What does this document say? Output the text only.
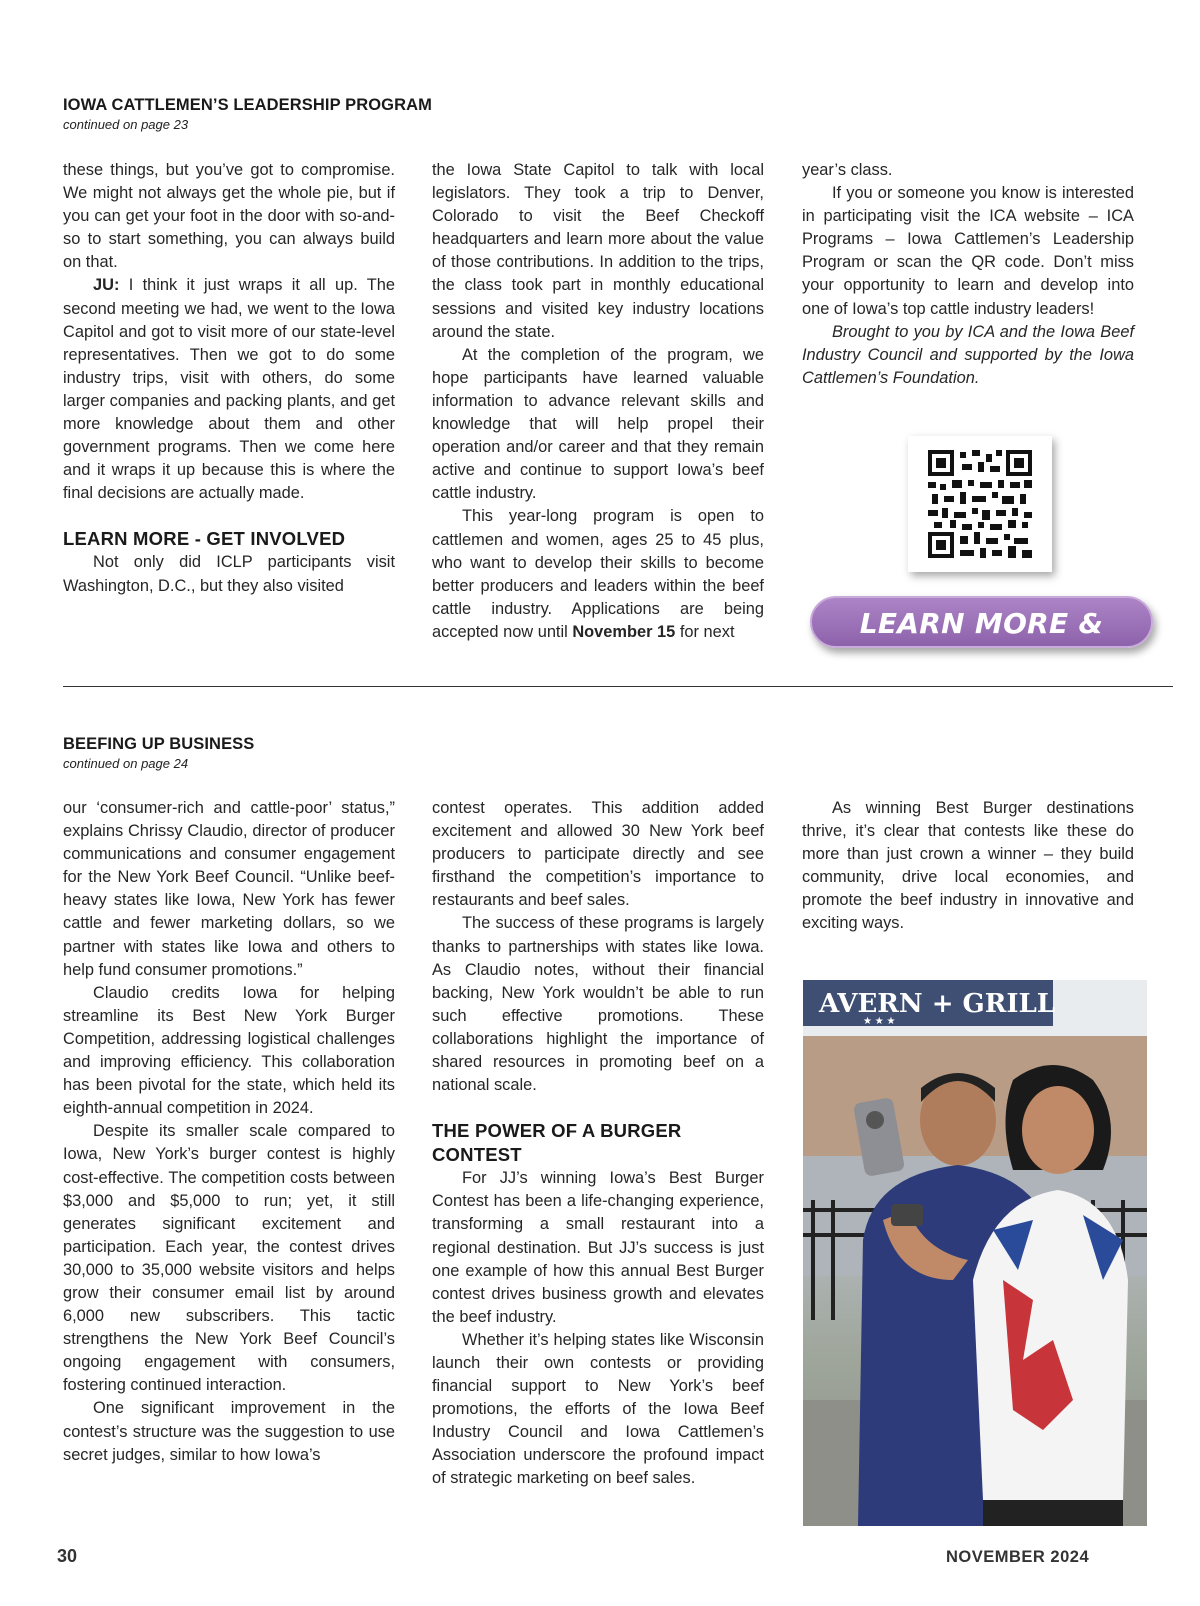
IOWA CATTLEMEN’S LEADERSHIP PROGRAM
continued on page 23

these things, but you’ve got to compromise. We might not always get the whole pie, but if you can get your foot in the door with so-and-so to start something, you can always build on that.

JU: I think it just wraps it all up. The second meeting we had, we went to the Iowa Capitol and got to visit more of our state-level representatives. Then we got to do some industry trips, visit with others, do some larger companies and packing plants, and get more knowledge about them and other government programs. Then we come here and it wraps it up because this is where the final decisions are actually made.

LEARN MORE - GET INVOLVED

Not only did ICLP participants visit Washington, D.C., but they also visited

the Iowa State Capitol to talk with local legislators. They took a trip to Denver, Colorado to visit the Beef Checkoff headquarters and learn more about the value of those contributions. In addition to the trips, the class took part in monthly educational sessions and visited key industry locations around the state.

At the completion of the program, we hope participants have learned valuable information to advance relevant skills and knowledge that will help propel their operation and/or career and that they remain active and continue to support Iowa’s beef cattle industry.

This year-long program is open to cattlemen and women, ages 25 to 45 plus, who want to develop their skills to become better producers and leaders within the beef cattle industry. Applications are being accepted now until November 15 for next

year’s class.

If you or someone you know is interested in participating visit the ICA website – ICA Programs – Iowa Cattlemen’s Leadership Program or scan the QR code. Don’t miss your opportunity to learn and develop into one of Iowa’s top cattle industry leaders!

Brought to you by ICA and the Iowa Beef Industry Council and supported by the Iowa Cattlemen’s Foundation.

LEARN MORE & APPLY
BEEFING UP BUSINESS
continued on page 24

our ‘consumer-rich and cattle-poor’ status,” explains Chrissy Claudio, director of producer communications and consumer engagement for the New York Beef Council. “Unlike beef-heavy states like Iowa, New York has fewer cattle and fewer marketing dollars, so we partner with states like Iowa and others to help fund consumer promotions.”

Claudio credits Iowa for helping streamline its Best New York Burger Competition, addressing logistical challenges and improving efficiency. This collaboration has been pivotal for the state, which held its eighth-annual competition in 2024.

Despite its smaller scale compared to Iowa, New York’s burger contest is highly cost-effective. The competition costs between $3,000 and $5,000 to run; yet, it still generates significant excitement and participation. Each year, the contest drives 30,000 to 35,000 website visitors and helps grow their consumer email list by around 6,000 new subscribers. This tactic strengthens the New York Beef Council’s ongoing engagement with consumers, fostering continued interaction.

One significant improvement in the contest’s structure was the suggestion to use secret judges, similar to how Iowa’s

contest operates. This addition added excitement and allowed 30 New York beef producers to participate directly and see firsthand the competition’s importance to restaurants and beef sales.

The success of these programs is largely thanks to partnerships with states like Iowa. As Claudio notes, without their financial backing, New York wouldn’t be able to run such effective promotions. These collaborations highlight the importance of shared resources in promoting beef on a national scale.

THE POWER OF A BURGER CONTEST

For JJ’s winning Iowa’s Best Burger Contest has been a life-changing experience, transforming a small restaurant into a regional destination. But JJ’s success is just one example of how this annual Best Burger contest drives business growth and elevates the beef industry.

Whether it’s helping states like Wisconsin launch their own contests or providing financial support to New York’s beef promotions, the efforts of the Iowa Beef Industry Council and Iowa Cattlemen’s Association underscore the profound impact of strategic marketing on beef sales.

As winning Best Burger destinations thrive, it’s clear that contests like these do more than just crown a winner – they build community, drive local economies, and promote the beef industry in innovative and exciting ways.

AVERN + GRILL
★ ★ ★
30	NOVEMBER 2024
